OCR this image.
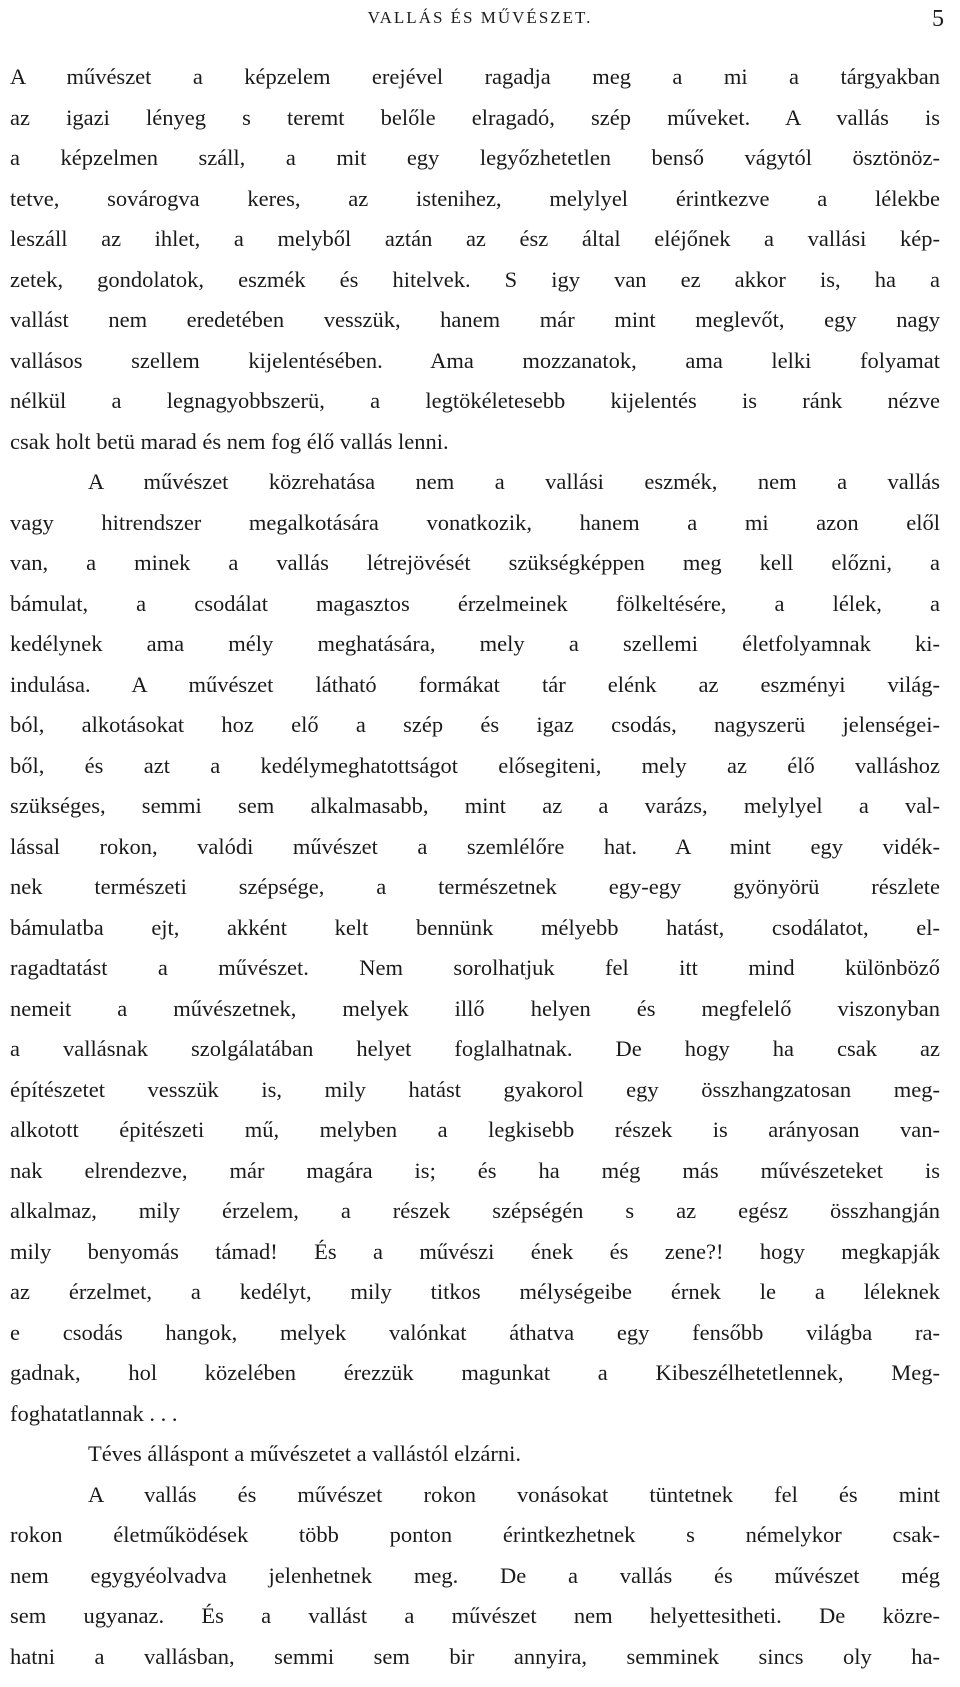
VALLÁS ÉS MŰVÉSZET.	5
A művészet a képzelem erejével ragadja meg a mi a tárgyakban
az igazi lényeg s teremt belőle elragadó, szép műveket. A vallás is
a képzelmen száll, a mit egy legyőzhetetlen benső vágytól ösztönöz-
tetve, sovárogva keres, az istenihez, melylyel érintkezve a lélekbe
leszáll az ihlet, a melyből aztán az ész által eléjőnek a vallási kép-
zetek, gondolatok, eszmék és hitelvek. S igy van ez akkor is, ha a
vallást nem eredetében vesszük, hanem már mint meglevőt, egy nagy
vallásos szellem kijelentésében. Ama mozzanatok, ama lelki folyamat
nélkül a legnagyobbszerü, a legtökéletesebb kijelentés is ránk nézve
csak holt betü marad és nem fog élő vallás lenni.
A művészet közrehatása nem a vallási eszmék, nem a vallás
vagy hitrendszer megalkotására vonatkozik, hanem a mi azon elől
van, a minek a vallás létrejövését szükségképpen meg kell előzni, a
bámulat, a csodálat magasztos érzelmeinek fölkeltésére, a lélek, a
kedélynek ama mély meghatására, mely a szellemi életfolyamnak ki-
indulása. A művészet látható formákat tár elénk az eszményi világ-
ból, alkotásokat hoz elő a szép és igaz csodás, nagyszerü jelenségei-
ből, és azt a kedélymeghatottságot elősegiteni, mely az élő valláshoz
szükséges, semmi sem alkalmasabb, mint az a varázs, melylyel a val-
lással rokon, valódi művészet a szemlélőre hat. A mint egy vidék-
nek természeti szépsége, a természetnek egy-egy gyönyörü részlete
bámulatba ejt, akként kelt bennünk mélyebb hatást, csodálatot, el-
ragadtatást a művészet. Nem sorolhatjuk fel itt mind különböző
nemeit a művészetnek, melyek illő helyen és megfelelő viszonyban
a vallásnak szolgálatában helyet foglalhatnak. De hogy ha csak az
építészetet vesszük is, mily hatást gyakorol egy összhangzatosan meg-
alkotott épitészeti mű, melyben a legkisebb részek is arányosan van-
nak elrendezve, már magára is; és ha még más művészeteket is
alkalmaz, mily érzelem, a részek szépségén s az egész összhangján
mily benyomás támad! És a művészi ének és zene?! hogy megkapják
az érzelmet, a kedélyt, mily titkos mélységeibe érnek le a léleknek
e csodás hangok, melyek valónkat áthatva egy fensőbb világba ra-
gadnak, hol közelében érezzük magunkat a Kibeszélhetetlennek, Meg-
foghatatlannak . . .
Téves álláspont a művészetet a vallástól elzárni.
A vallás és művészet rokon vonásokat tüntetnek fel és mint
rokon életműködések több ponton érintkezhetnek s némelykor csak-
nem egygyéolvadva jelenhetnek meg. De a vallás és művészet még
sem ugyanaz. És a vallást a művészet nem helyettesitheti. De közre-
hatni a vallásban, semmi sem bir annyira, semminek sincs oly ha-
